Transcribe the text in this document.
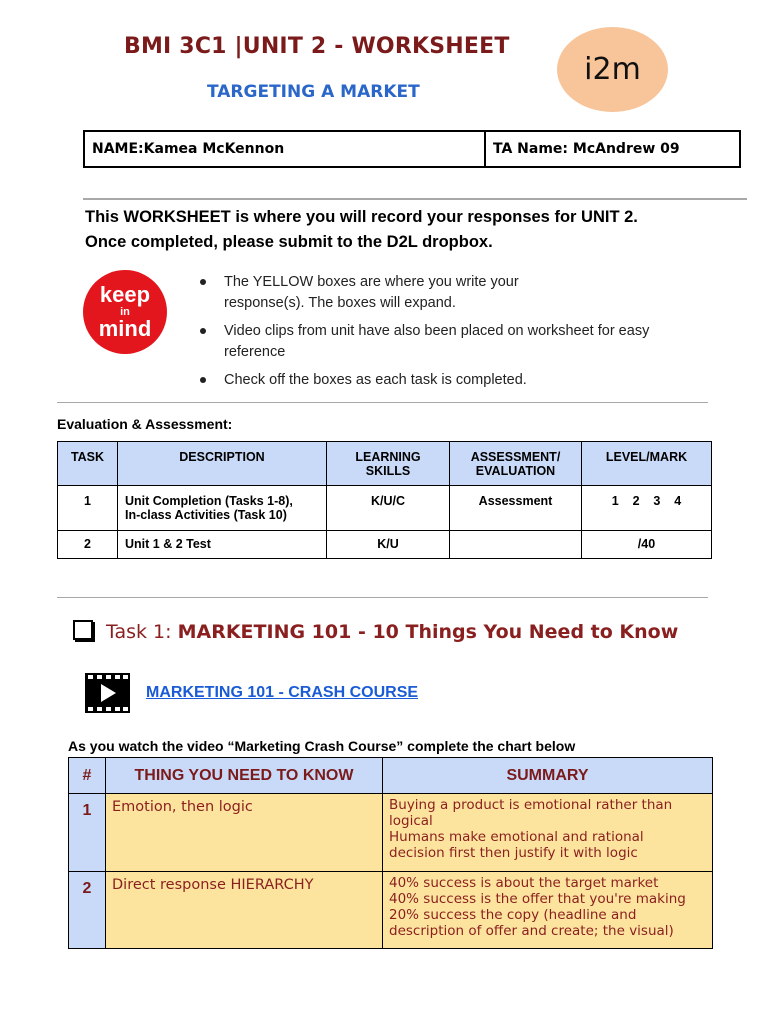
BMI 3C1 |UNIT 2 - WORKSHEET
TARGETING A MARKET
i2m
NAME:Kamea McKennon	TA Name: McAndrew 09
This WORKSHEET is where you will record your responses for UNIT 2.
Once completed, please submit to the D2L dropbox.
keep
in
mind
The YELLOW boxes are where you write your
response(s). The boxes will expand.
Video clips from unit have also been placed on worksheet for easy
reference
Check off the boxes as each task is completed.
Evaluation & Assessment:
TASK	DESCRIPTION	LEARNING SKILLS	ASSESSMENT/ EVALUATION	LEVEL/MARK
1	Unit Completion (Tasks 1-8),
In-class Activities (Task 10)	K/U/C	Assessment	1    2    3    4
2	Unit 1 & 2 Test	K/U		/40
Task 1: MARKETING 101 - 10 Things You Need to Know
MARKETING 101 - CRASH COURSE
As you watch the video “Marketing Crash Course” complete the chart below
#	THING YOU NEED TO KNOW	SUMMARY
1	Emotion, then logic	Buying a product is emotional rather than
logical
Humans make emotional and rational
decision first then justify it with logic

2	Direct response HIERARCHY	40% success is about the target market
40% success is the offer that you're making
20% success the copy (headline and
description of offer and create; the visual)
